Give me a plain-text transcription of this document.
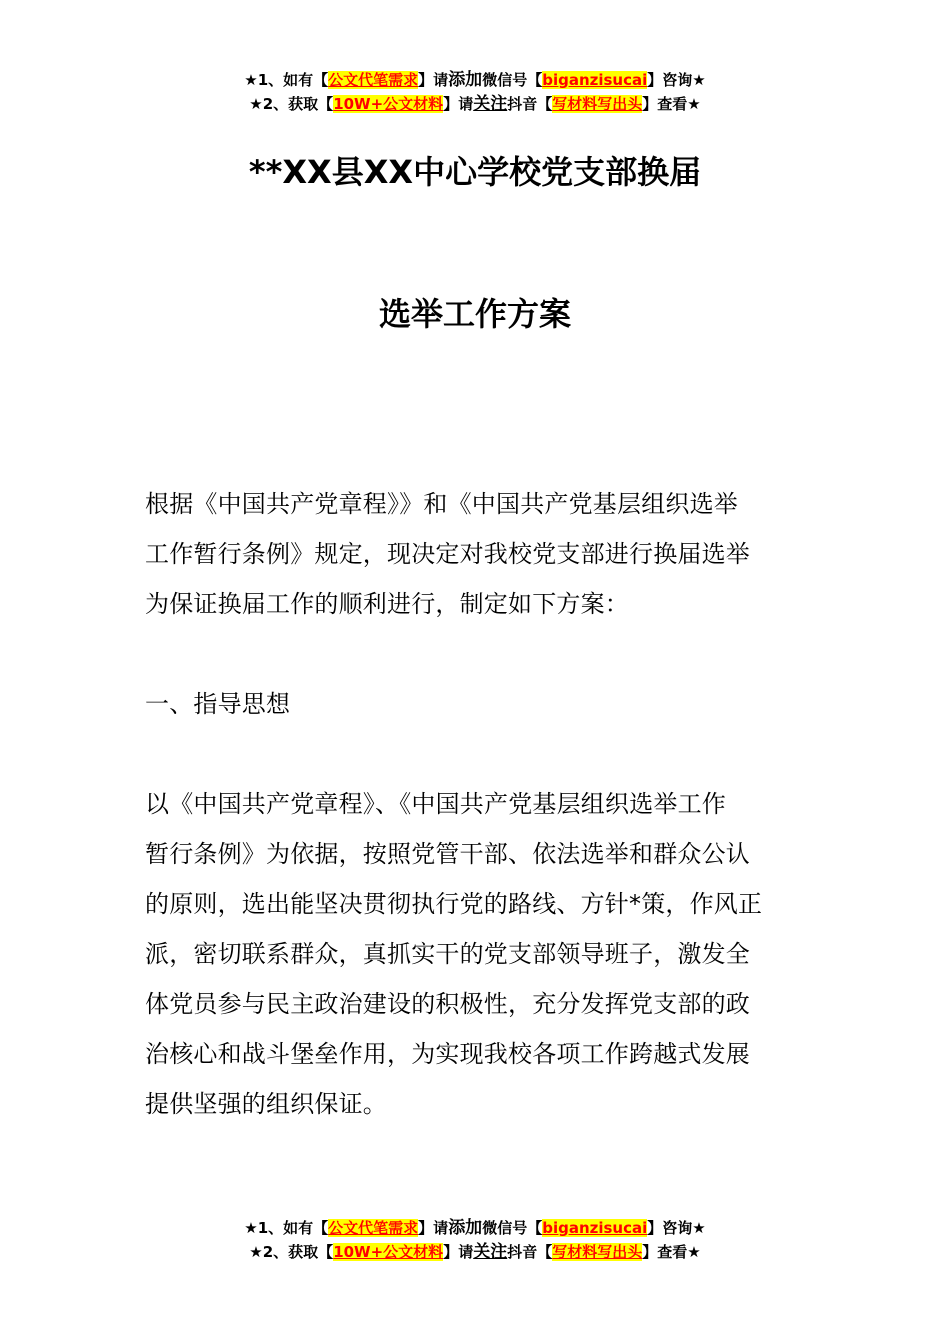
★1、如有【公文代笔需求】请添加微信号【biganzisucai】咨询★
★2、获取【10W+公文材料】请关注抖音【写材料写出头】查看★
**XX县XX中心学校党支部换届
选举工作方案
根据《中国共产党章程》》和《中国共产党基层组织选举
工作暂行条例》规定，现决定对我校党支部进行换届选举
为保证换届工作的顺利进行，制定如下方案：
一、指导思想
以《中国共产党章程》、《中国共产党基层组织选举工作
暂行条例》为依据，按照党管干部、依法选举和群众公认
的原则，选出能坚决贯彻执行党的路线、方针*策，作风正
派，密切联系群众，真抓实干的党支部领导班子，激发全
体党员参与民主政治建设的积极性，充分发挥党支部的政
治核心和战斗堡垒作用，为实现我校各项工作跨越式发展
提供坚强的组织保证。
★1、如有【公文代笔需求】请添加微信号【biganzisucai】咨询★
★2、获取【10W+公文材料】请关注抖音【写材料写出头】查看★
